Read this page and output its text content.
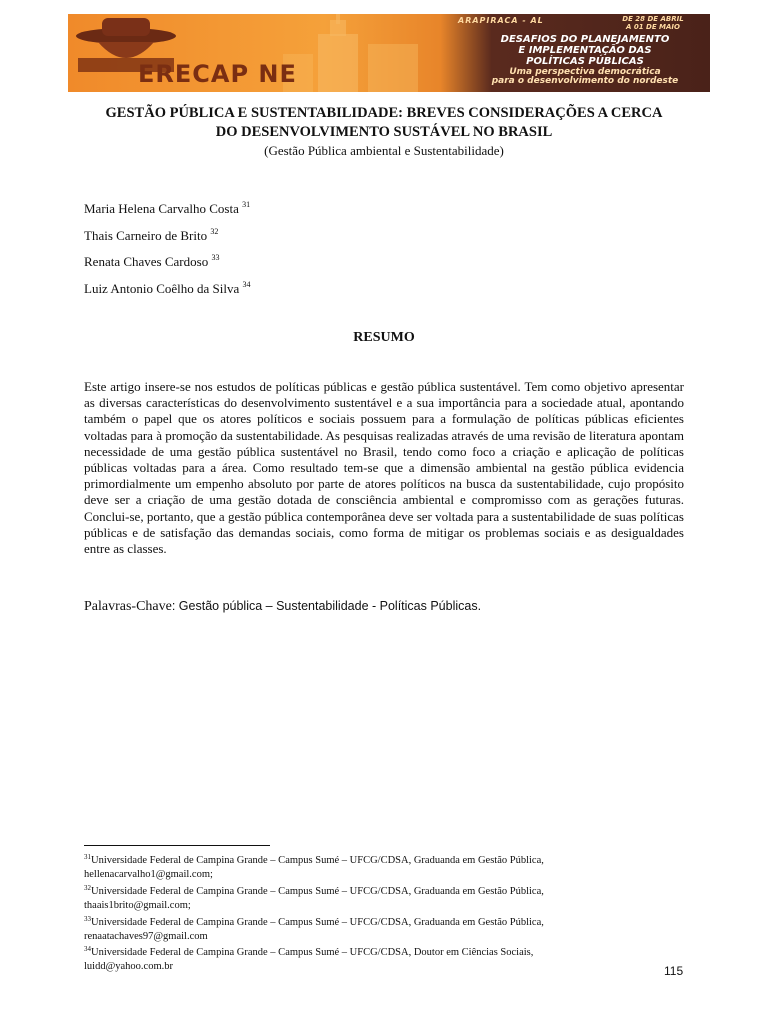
ERECAP NE
ARAPIRACA - AL	DE 28 DE ABRIL
A 01 DE MAIO
DESAFIOS DO PLANEJAMENTO
E IMPLEMENTAÇÃO DAS
POLÍTICAS PÚBLICAS
Uma perspectiva democrática
para o desenvolvimento do nordeste
GESTÃO PÚBLICA E SUSTENTABILIDADE: BREVES CONSIDERAÇÕES A CERCA
DO DESENVOLVIMENTO SUSTÁVEL NO BRASIL
(Gestão Pública ambiental e Sustentabilidade)
Maria Helena Carvalho Costa $^{31}$
Thais Carneiro de Brito $^{32}$
Renata Chaves Cardoso $^{33}$
Luiz Antonio Coêlho da Silva $^{34}$
RESUMO
Este artigo insere-se nos estudos de políticas públicas e gestão pública sustentável. Tem como objetivo apresentar as diversas características do desenvolvimento sustentável e a sua importância para a sociedade atual, apontando também o papel que os atores políticos e sociais possuem para a formulação de políticas públicas eficientes voltadas para à promoção da sustentabilidade. As pesquisas realizadas através de uma revisão de literatura apontam necessidade de uma gestão pública sustentável no Brasil, tendo como foco a criação e aplicação de políticas públicas voltadas para a área. Como resultado tem-se que a dimensão ambiental na gestão pública evidencia primordialmente um empenho absoluto por parte de atores políticos na busca da sustentabilidade, cujo propósito deve ser a criação de uma gestão dotada de consciência ambiental e compromisso com as gerações futuras. Conclui-se, portanto, que a gestão pública contemporânea deve ser voltada para a sustentabilidade de suas políticas públicas e de satisfação das demandas sociais, como forma de mitigar os problemas sociais e as desigualdades entre as classes.
Palavras-Chave: Gestão pública – Sustentabilidade - Políticas Públicas.
$^{31}$Universidade Federal de Campina Grande – Campus Sumé – UFCG/CDSA, Graduanda em Gestão Pública,
hellenacarvalho1@gmail.com;
$^{32}$Universidade Federal de Campina Grande – Campus Sumé – UFCG/CDSA, Graduanda em Gestão Pública,
thaais1brito@gmail.com;
$^{33}$Universidade Federal de Campina Grande – Campus Sumé – UFCG/CDSA, Graduanda em Gestão Pública,
renaatachaves97@gmail.com
$^{34}$Universidade Federal de Campina Grande – Campus Sumé – UFCG/CDSA, Doutor em Ciências Sociais,
luidd@yahoo.com.br	115
